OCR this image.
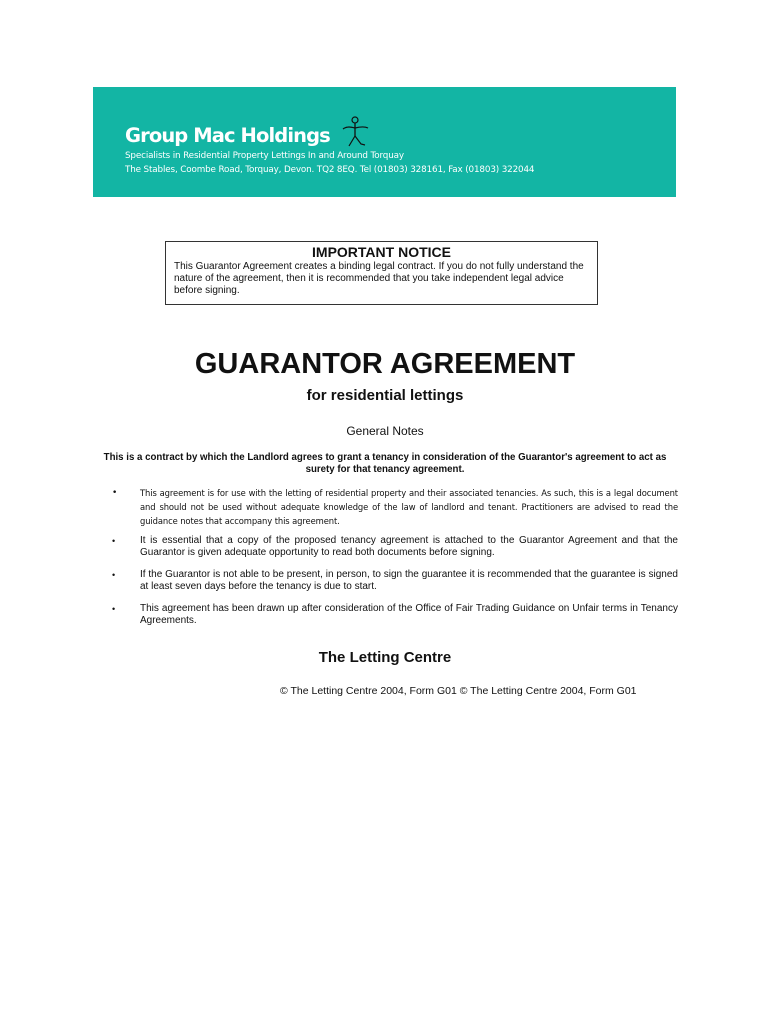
Group Mac Holdings
Specialists in Residential Property Lettings In and Around Torquay
The Stables, Coombe Road, Torquay, Devon. TQ2 8EQ. Tel (01803) 328161, Fax (01803) 322044
IMPORTANT NOTICE
This Guarantor Agreement creates a binding legal contract. If you do not fully understand the nature of the agreement, then it is recommended that you take independent legal advice before signing.
GUARANTOR AGREEMENT
for residential lettings
General Notes
This is a contract by which the Landlord agrees to grant a tenancy in consideration of the Guarantor's agreement to act as surety for that tenancy agreement.
•	This agreement is for use with the letting of residential property and their associated tenancies. As such, this is a legal document and should not be used without adequate knowledge of the law of landlord and tenant. Practitioners are advised to read the guidance notes that accompany this agreement.
• It is essential that a copy of the proposed tenancy agreement is attached to the Guarantor Agreement and that the Guarantor is given adequate opportunity to read both documents before signing.
• If the Guarantor is not able to be present, in person, to sign the guarantee it is recommended that the guarantee is signed at least seven days before the tenancy is due to start.
• This agreement has been drawn up after consideration of the Office of Fair Trading Guidance on Unfair terms in Tenancy Agreements.
The Letting Centre
© The Letting Centre 2004, Form G01 © The Letting Centre 2004, Form G01
